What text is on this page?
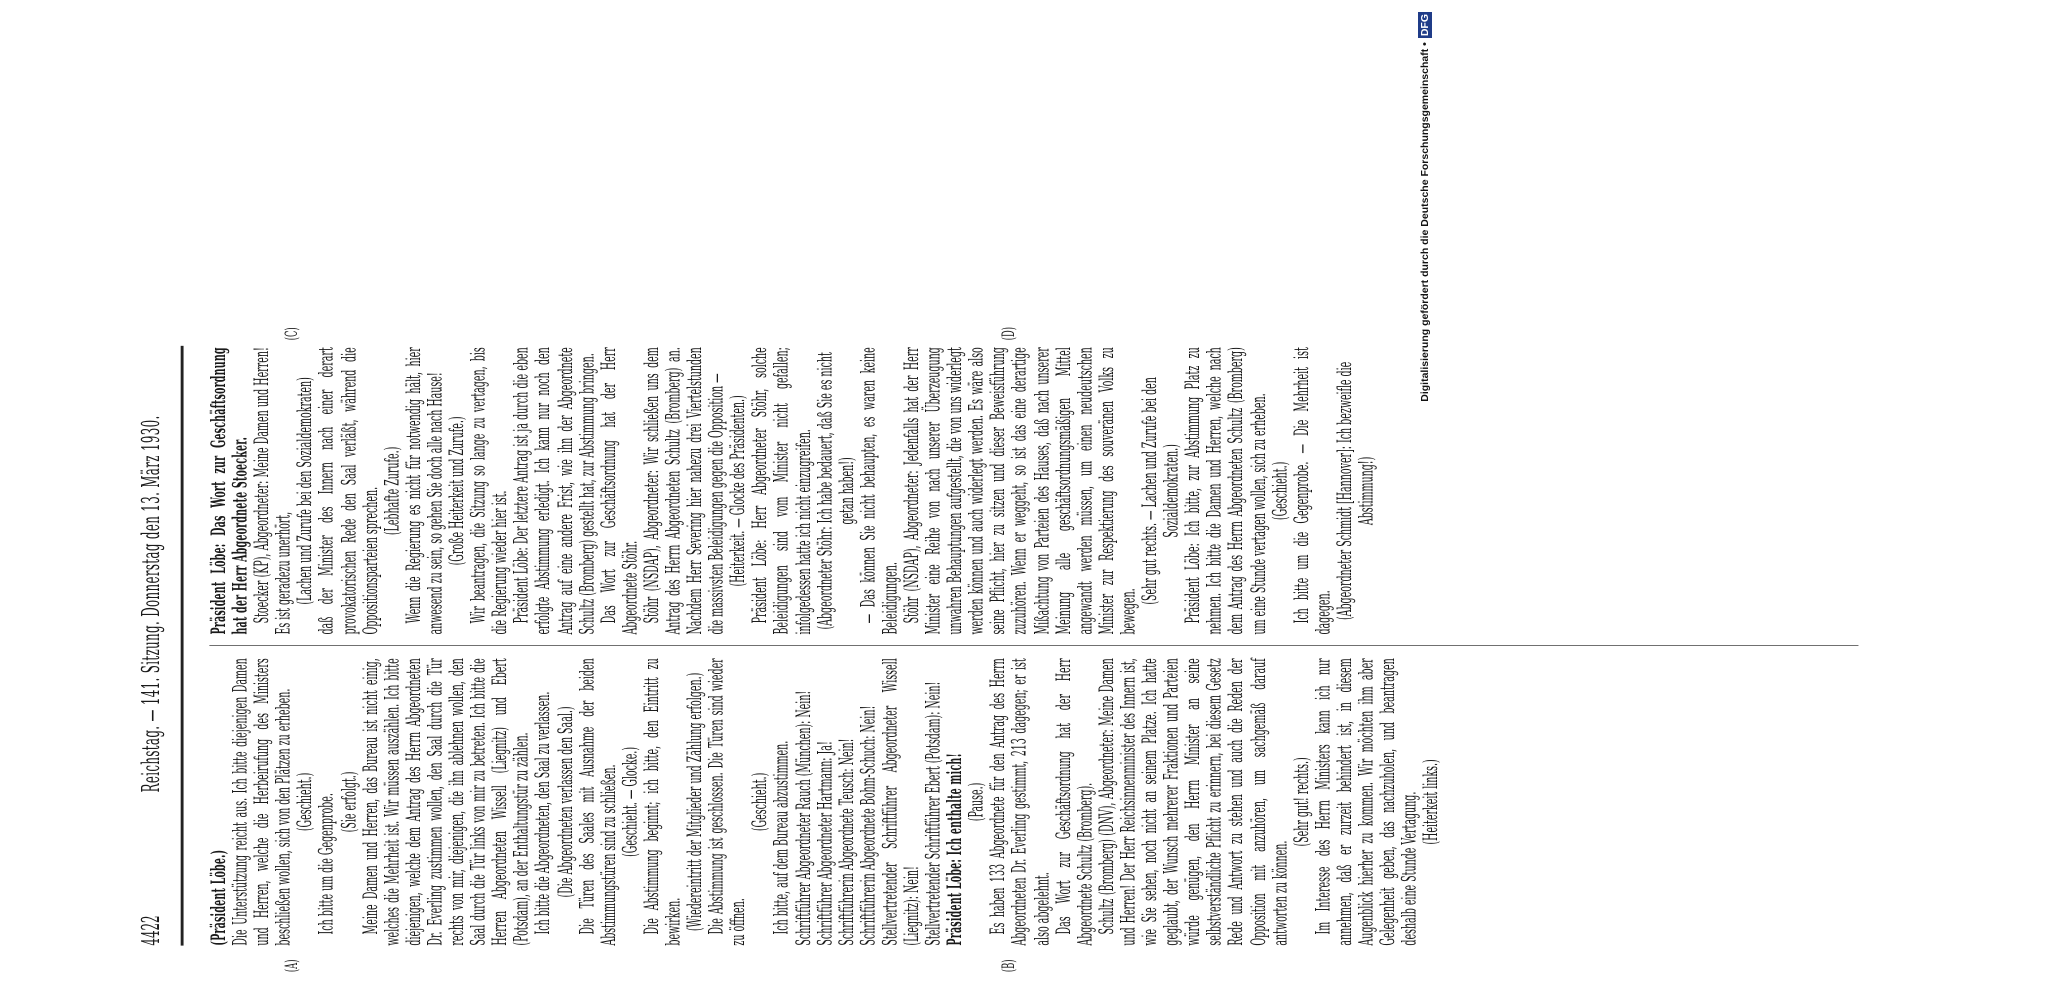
4422
Reichstag. — 141. Sitzung. Donnerstag den 13. März 1930.
(A)	(B)
(C)	(D)

(Präsident Löbe.)

Die Unterstützung reicht aus. Ich bitte diejenigen Damen und Herren, welche die Herbeirufung des Ministers beschließen wollen, sich von den Plätzen zu erheben.

(Geschieht.)

Ich bitte um die Gegenprobe.

(Sie erfolgt.)

Meine Damen und Herren, das Bureau ist nicht einig, welches die Mehrheit ist. Wir müssen auszählen. Ich bitte diejenigen, welche dem Antrag des Herrn Abgeordneten Dr. Everling zustimmen wollen, den Saal durch die Tür rechts von mir, diejenigen, die ihn ablehnen wollen, den Saal durch die Tür links von mir zu betreten. Ich bitte die Herren Abgeordneten Wissell (Liegnitz) und Ebert (Potsdam), an der Enthaltungstür zu zählen.

Ich bitte die Abgeordneten, den Saal zu verlassen.

(Die Abgeordneten verlassen den Saal.)

Die Türen des Saales mit Ausnahme der beiden Abstimmungstüren sind zu schließen.

(Geschieht. — Glocke.)

Die Abstimmung beginnt; ich bitte, den Eintritt zu bewirken.

(Wiedereintritt der Mitglieder und Zählung erfolgen.)

Die Abstimmung ist geschlossen. Die Türen sind wieder zu öffnen.

(Geschieht.)

Ich bitte, auf dem Bureau abzustimmen.

Schriftführer Abgeordneter Rauch (München): Nein!

Schriftführer Abgeordneter Hartmann: Ja!

Schriftführerin Abgeordnete Teusch: Nein!

Schriftführerin Abgeordnete Bohm-Schuch: Nein!

Stellvertretender Schriftführer Abgeordneter Wissell (Liegnitz): Nein!

Stellvertretender Schriftführer Ebert (Potsdam): Nein!

Präsident Löbe: Ich enthalte mich!

(Pause.)

Es haben 133 Abgeordnete für den Antrag des Herrn Abgeordneten Dr. Everling gestimmt, 213 dagegen; er ist also abgelehnt.

Das Wort zur Geschäftsordnung hat der Herr Abgeordnete Schultz (Bromberg).

Schultz (Bromberg) (DNV), Abgeordneter: Meine Damen und Herren! Der Herr Reichsinnenminister des Innern ist, wie Sie sehen, noch nicht an seinem Platze. Ich hatte geglaubt, der Wunsch mehrerer Fraktionen und Parteien würde genügen, den Herrn Minister an seine selbstverständliche Pflicht zu erinnern, bei diesem Gesetz Rede und Antwort zu stehen und auch die Reden der Opposition mit anzuhören, um sachgemäß darauf antworten zu können.

(Sehr gut! rechts.)

Im Interesse des Herrn Ministers kann ich nur annehmen, daß er zurzeit behindert ist, in diesem Augenblick hierher zu kommen. Wir möchten ihm aber Gelegenheit geben, das nachzuholen, und beantragen deshalb eine Stunde Vertagung.

(Heiterkeit links.)

Präsident Löbe: Das Wort zur Geschäftsordnung hat der Herr Abgeordnete Stoecker.

Stoecker (KP), Abgeordneter: Meine Damen und Herren! Es ist geradezu unerhört,

(Lachen und Zurufe bei den Sozialdemokraten)

daß der Minister des Innern nach einer derart provokatorischen Rede den Saal verläßt, während die Oppositionsparteien sprechen.

(Lebhafte Zurufe.)

Wenn die Regierung es nicht für notwendig hält, hier anwesend zu sein, so gehen Sie doch alle nach Hause!

(Große Heiterkeit und Zurufe.)

Wir beantragen, die Sitzung so lange zu vertagen, bis die Regierung wieder hier ist.

Präsident Löbe: Der letztere Antrag ist ja durch die eben erfolgte Abstimmung erledigt. Ich kann nur noch den Antrag auf eine andere Frist, wie ihn der Abgeordnete Schultz (Bromberg) gestellt hat, zur Abstimmung bringen.

Das Wort zur Geschäftsordnung hat der Herr Abgeordnete Stöhr.

Stöhr (NSDAP), Abgeordneter: Wir schließen uns dem Antrag des Herrn Abgeordneten Schultz (Bromberg) an. Nachdem Herr Severing hier nahezu drei Viertelstunden die massivsten Beleidigungen gegen die Opposition —

(Heiterkeit. — Glocke des Präsidenten.)

Präsident Löbe: Herr Abgeordneter Stöhr, solche Beleidigungen sind vom Minister nicht gefallen; infolgedessen hatte ich nicht einzugreifen.

(Abgeordneter Stöhr: Ich habe bedauert, daß Sie es nicht getan haben!)

— Das können Sie nicht behaupten, es waren keine Beleidigungen.

Stöhr (NSDAP), Abgeordneter: Jedenfalls hat der Herr Minister eine Reihe von nach unserer Überzeugung unwahren Behauptungen aufgestellt, die von uns widerlegt werden können und auch widerlegt werden. Es wäre also seine Pflicht, hier zu sitzen und dieser Beweisführung zuzuhören. Wenn er weggeht, so ist das eine derartige Mißachtung von Parteien des Hauses, daß nach unserer Meinung alle geschäftsordnungsmäßigen Mittel angewandt werden müssen, um einen neudeutschen Minister zur Respektierung des souveränen Volks zu bewegen.

(Sehr gut rechts. — Lachen und Zurufe bei den Sozialdemokraten.)

Präsident Löbe: Ich bitte, zur Abstimmung Platz zu nehmen. Ich bitte die Damen und Herren, welche nach dem Antrag des Herrn Abgeordneten Schultz (Bromberg) um eine Stunde vertagen wollen, sich zu erheben.

(Geschieht.)

Ich bitte um die Gegenprobe. — Die Mehrheit ist dagegen.

(Abgeordneter Schmidt [Hannover]: Ich bezweifle die Abstimmung!)

Digitalisierung gefördert durch die Deutsche Forschungsgemeinschaft •DFG
